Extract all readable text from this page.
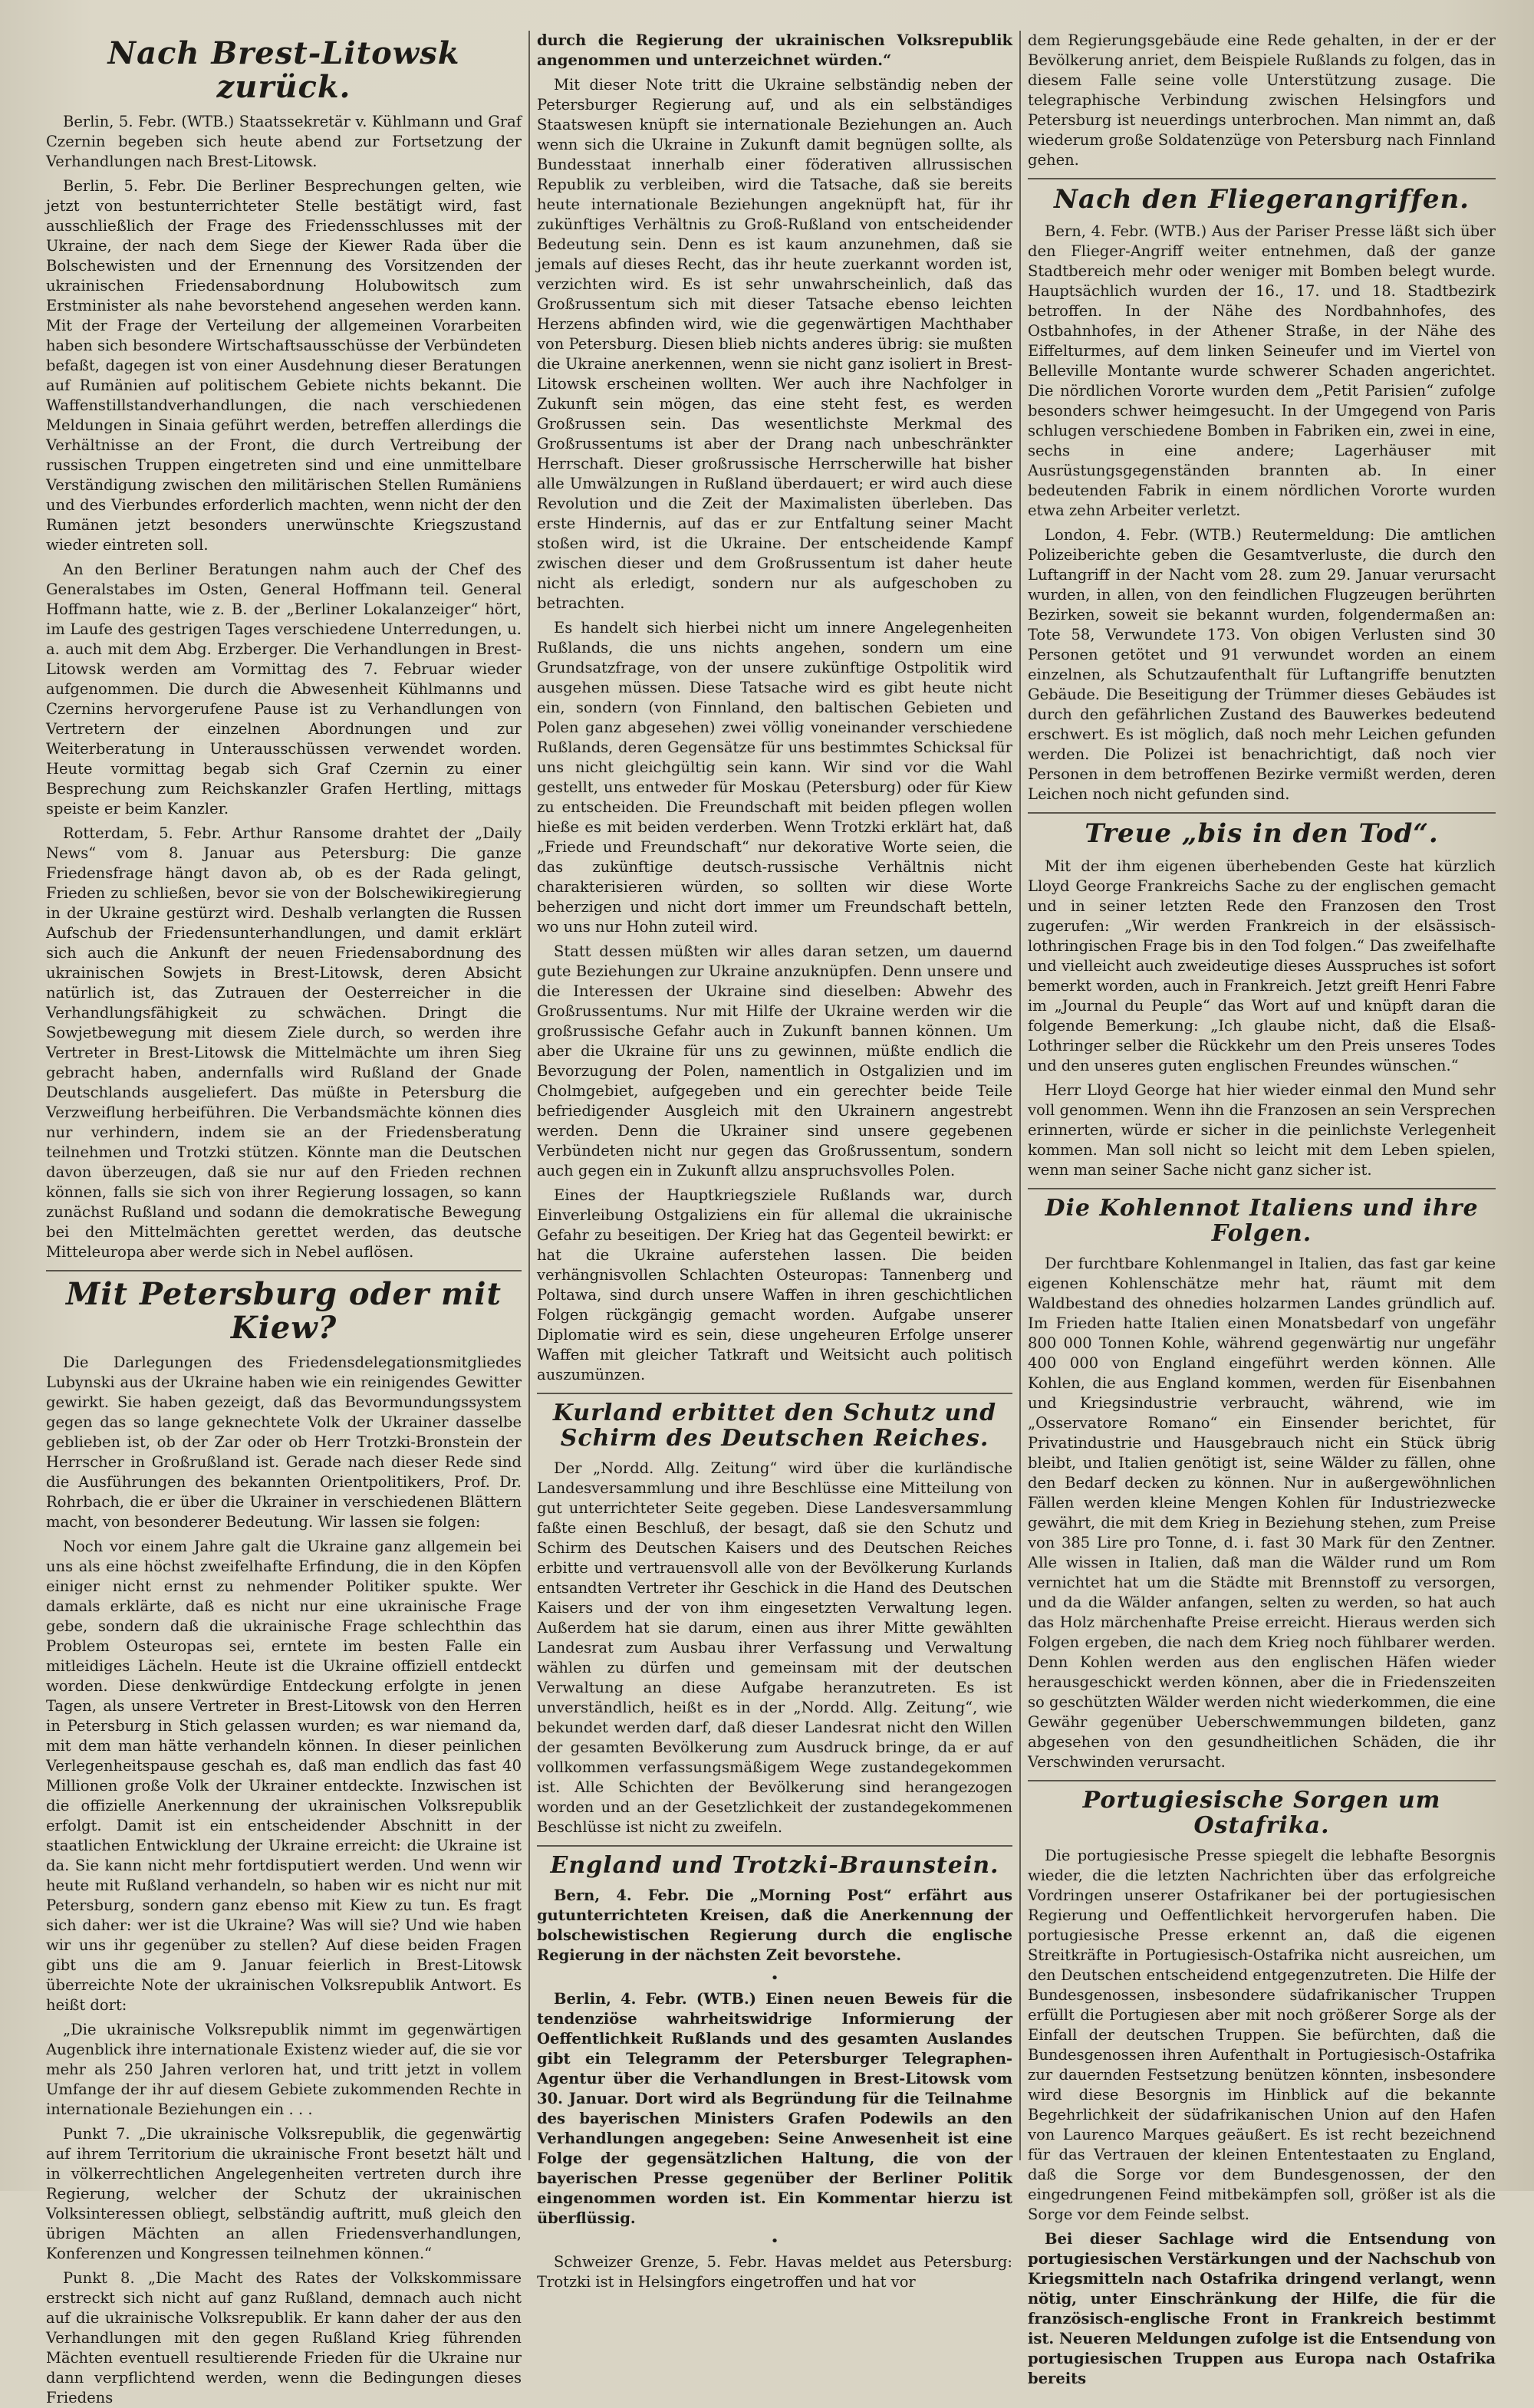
Nach Brest-Litowsk zurück.

Berlin, 5. Febr. (WTB.) Staatssekretär v. Kühlmann und Graf Czernin begeben sich heute abend zur Fortsetzung der Verhandlungen nach Brest-Litowsk.

Berlin, 5. Febr. Die Berliner Besprechungen gelten, wie jetzt von bestunterrichteter Stelle bestätigt wird, fast ausschließlich der Frage des Friedensschlusses mit der Ukraine, der nach dem Siege der Kiewer Rada über die Bolschewisten und der Ernennung des Vorsitzenden der ukrainischen Friedensabordnung Holubowitsch zum Erstminister als nahe bevorstehend angesehen werden kann. Mit der Frage der Verteilung der allgemeinen Vorarbeiten haben sich besondere Wirtschaftsausschüsse der Verbündeten befaßt, dagegen ist von einer Ausdehnung dieser Beratungen auf Rumänien auf politischem Gebiete nichts bekannt. Die Waffenstillstandverhandlungen, die nach verschiedenen Meldungen in Sinaia geführt werden, betreffen allerdings die Verhältnisse an der Front, die durch Vertreibung der russischen Truppen eingetreten sind und eine unmittelbare Verständigung zwischen den militärischen Stellen Rumäniens und des Vierbundes erforderlich machten, wenn nicht der den Rumänen jetzt besonders unerwünschte Kriegszustand wieder eintreten soll.

An den Berliner Beratungen nahm auch der Chef des Generalstabes im Osten, General Hoffmann teil. General Hoffmann hatte, wie z. B. der „Berliner Lokalanzeiger“ hört, im Laufe des gestrigen Tages verschiedene Unterredungen, u. a. auch mit dem Abg. Erzberger. Die Verhandlungen in Brest-Litowsk werden am Vormittag des 7. Februar wieder aufgenommen. Die durch die Abwesenheit Kühlmanns und Czernins hervorgerufene Pause ist zu Verhandlungen von Vertretern der einzelnen Abordnungen und zur Weiterberatung in Unterausschüssen verwendet worden. Heute vormittag begab sich Graf Czernin zu einer Besprechung zum Reichskanzler Grafen Hertling, mittags speiste er beim Kanzler.

Rotterdam, 5. Febr. Arthur Ransome drahtet der „Daily News“ vom 8. Januar aus Petersburg: Die ganze Friedensfrage hängt davon ab, ob es der Rada gelingt, Frieden zu schließen, bevor sie von der Bolschewikiregierung in der Ukraine gestürzt wird. Deshalb verlangten die Russen Aufschub der Friedensunterhandlungen, und damit erklärt sich auch die Ankunft der neuen Friedensabordnung des ukrainischen Sowjets in Brest-Litowsk, deren Absicht natürlich ist, das Zutrauen der Oesterreicher in die Verhandlungsfähigkeit zu schwächen. Dringt die Sowjetbewegung mit diesem Ziele durch, so werden ihre Vertreter in Brest-Litowsk die Mittelmächte um ihren Sieg gebracht haben, andernfalls wird Rußland der Gnade Deutschlands ausgeliefert. Das müßte in Petersburg die Verzweiflung herbeiführen. Die Verbandsmächte können dies nur verhindern, indem sie an der Friedensberatung teilnehmen und Trotzki stützen. Könnte man die Deutschen davon überzeugen, daß sie nur auf den Frieden rechnen können, falls sie sich von ihrer Regierung lossagen, so kann zunächst Rußland und sodann die demokratische Bewegung bei den Mittelmächten gerettet werden, das deutsche Mitteleuropa aber werde sich in Nebel auflösen.

Mit Petersburg oder mit Kiew?

Die Darlegungen des Friedensdelegationsmitgliedes Lubynski aus der Ukraine haben wie ein reinigendes Gewitter gewirkt. Sie haben gezeigt, daß das Bevormundungssystem gegen das so lange geknechtete Volk der Ukrainer dasselbe geblieben ist, ob der Zar oder ob Herr Trotzki-Bronstein der Herrscher in Großrußland ist. Gerade nach dieser Rede sind die Ausführungen des bekannten Orientpolitikers, Prof. Dr. Rohrbach, die er über die Ukrainer in verschiedenen Blättern macht, von besonderer Bedeutung. Wir lassen sie folgen:

Noch vor einem Jahre galt die Ukraine ganz allgemein bei uns als eine höchst zweifelhafte Erfindung, die in den Köpfen einiger nicht ernst zu nehmender Politiker spukte. Wer damals erklärte, daß es nicht nur eine ukrainische Frage gebe, sondern daß die ukrainische Frage schlechthin das Problem Osteuropas sei, erntete im besten Falle ein mitleidiges Lächeln. Heute ist die Ukraine offiziell entdeckt worden. Diese denkwürdige Entdeckung erfolgte in jenen Tagen, als unsere Vertreter in Brest-Litowsk von den Herren in Petersburg in Stich gelassen wurden; es war niemand da, mit dem man hätte verhandeln können. In dieser peinlichen Verlegenheitspause geschah es, daß man endlich das fast 40 Millionen große Volk der Ukrainer entdeckte. Inzwischen ist die offizielle Anerkennung der ukrainischen Volksrepublik erfolgt. Damit ist ein entscheidender Abschnitt in der staatlichen Entwicklung der Ukraine erreicht: die Ukraine ist da. Sie kann nicht mehr fortdisputiert werden. Und wenn wir heute mit Rußland verhandeln, so haben wir es nicht nur mit Petersburg, sondern ganz ebenso mit Kiew zu tun. Es fragt sich daher: wer ist die Ukraine? Was will sie? Und wie haben wir uns ihr gegenüber zu stellen? Auf diese beiden Fragen gibt uns die am 9. Januar feierlich in Brest-Litowsk überreichte Note der ukrainischen Volksrepublik Antwort. Es heißt dort:

„Die ukrainische Volksrepublik nimmt im gegenwärtigen Augenblick ihre internationale Existenz wieder auf, die sie vor mehr als 250 Jahren verloren hat, und tritt jetzt in vollem Umfange der ihr auf diesem Gebiete zukommenden Rechte in internationale Beziehungen ein . . .

Punkt 7. „Die ukrainische Volksrepublik, die gegenwärtig auf ihrem Territorium die ukrainische Front besetzt hält und in völkerrechtlichen Angelegenheiten vertreten durch ihre Regierung, welcher der Schutz der ukrainischen Volksinteressen obliegt, selbständig auftritt, muß gleich den übrigen Mächten an allen Friedensverhandlungen, Konferenzen und Kongressen teilnehmen können.“

Punkt 8. „Die Macht des Rates der Volkskommissare erstreckt sich nicht auf ganz Rußland, demnach auch nicht auf die ukrainische Volksrepublik. Er kann daher der aus den Verhandlungen mit den gegen Rußland Krieg führenden Mächten eventuell resultierende Frieden für die Ukraine nur dann verpflichtend werden, wenn die Bedingungen dieses Friedens

durch die Regierung der ukrainischen Volksrepublik angenommen und unterzeichnet würden.“

Mit dieser Note tritt die Ukraine selbständig neben der Petersburger Regierung auf, und als ein selbständiges Staatswesen knüpft sie internationale Beziehungen an. Auch wenn sich die Ukraine in Zukunft damit begnügen sollte, als Bundesstaat innerhalb einer föderativen allrussischen Republik zu verbleiben, wird die Tatsache, daß sie bereits heute internationale Beziehungen angeknüpft hat, für ihr zukünftiges Verhältnis zu Groß-Rußland von entscheidender Bedeutung sein. Denn es ist kaum anzunehmen, daß sie jemals auf dieses Recht, das ihr heute zuerkannt worden ist, verzichten wird. Es ist sehr unwahrscheinlich, daß das Großrussentum sich mit dieser Tatsache ebenso leichten Herzens abfinden wird, wie die gegenwärtigen Machthaber von Petersburg. Diesen blieb nichts anderes übrig: sie mußten die Ukraine anerkennen, wenn sie nicht ganz isoliert in Brest-Litowsk erscheinen wollten. Wer auch ihre Nachfolger in Zukunft sein mögen, das eine steht fest, es werden Großrussen sein. Das wesentlichste Merkmal des Großrussentums ist aber der Drang nach unbeschränkter Herrschaft. Dieser großrussische Herrscherwille hat bisher alle Umwälzungen in Rußland überdauert; er wird auch diese Revolution und die Zeit der Maximalisten überleben. Das erste Hindernis, auf das er zur Entfaltung seiner Macht stoßen wird, ist die Ukraine. Der entscheidende Kampf zwischen dieser und dem Großrussentum ist daher heute nicht als erledigt, sondern nur als aufgeschoben zu betrachten.

Es handelt sich hierbei nicht um innere Angelegenheiten Rußlands, die uns nichts angehen, sondern um eine Grundsatzfrage, von der unsere zukünftige Ostpolitik wird ausgehen müssen. Diese Tatsache wird es gibt heute nicht ein, sondern (von Finnland, den baltischen Gebieten und Polen ganz abgesehen) zwei völlig voneinander verschiedene Rußlands, deren Gegensätze für uns bestimmtes Schicksal für uns nicht gleichgültig sein kann. Wir sind vor die Wahl gestellt, uns entweder für Moskau (Petersburg) oder für Kiew zu entscheiden. Die Freundschaft mit beiden pflegen wollen hieße es mit beiden verderben. Wenn Trotzki erklärt hat, daß „Friede und Freundschaft“ nur dekorative Worte seien, die das zukünftige deutsch-russische Verhältnis nicht charakterisieren würden, so sollten wir diese Worte beherzigen und nicht dort immer um Freundschaft betteln, wo uns nur Hohn zuteil wird.

Statt dessen müßten wir alles daran setzen, um dauernd gute Beziehungen zur Ukraine anzuknüpfen. Denn unsere und die Interessen der Ukraine sind dieselben: Abwehr des Großrussentums. Nur mit Hilfe der Ukraine werden wir die großrussische Gefahr auch in Zukunft bannen können. Um aber die Ukraine für uns zu gewinnen, müßte endlich die Bevorzugung der Polen, namentlich in Ostgalizien und im Cholmgebiet, aufgegeben und ein gerechter beide Teile befriedigender Ausgleich mit den Ukrainern angestrebt werden. Denn die Ukrainer sind unsere gegebenen Verbündeten nicht nur gegen das Großrussentum, sondern auch gegen ein in Zukunft allzu anspruchsvolles Polen.

Eines der Hauptkriegsziele Rußlands war, durch Einverleibung Ostgaliziens ein für allemal die ukrainische Gefahr zu beseitigen. Der Krieg hat das Gegenteil bewirkt: er hat die Ukraine auferstehen lassen. Die beiden verhängnisvollen Schlachten Osteuropas: Tannenberg und Poltawa, sind durch unsere Waffen in ihren geschichtlichen Folgen rückgängig gemacht worden. Aufgabe unserer Diplomatie wird es sein, diese ungeheuren Erfolge unserer Waffen mit gleicher Tatkraft und Weitsicht auch politisch auszumünzen.

Kurland erbittet den Schutz und Schirm des Deutschen Reiches.

Der „Nordd. Allg. Zeitung“ wird über die kurländische Landesversammlung und ihre Beschlüsse eine Mitteilung von gut unterrichteter Seite gegeben. Diese Landesversammlung faßte einen Beschluß, der besagt, daß sie den Schutz und Schirm des Deutschen Kaisers und des Deutschen Reiches erbitte und vertrauensvoll alle von der Bevölkerung Kurlands entsandten Vertreter ihr Geschick in die Hand des Deutschen Kaisers und der von ihm eingesetzten Verwaltung legen. Außerdem hat sie darum, einen aus ihrer Mitte gewählten Landesrat zum Ausbau ihrer Verfassung und Verwaltung wählen zu dürfen und gemeinsam mit der deutschen Verwaltung an diese Aufgabe heranzutreten. Es ist unverständlich, heißt es in der „Nordd. Allg. Zeitung“, wie bekundet werden darf, daß dieser Landesrat nicht den Willen der gesamten Bevölkerung zum Ausdruck bringe, da er auf vollkommen verfassungsmäßigem Wege zustandegekommen ist. Alle Schichten der Bevölkerung sind herangezogen worden und an der Gesetzlichkeit der zustandegekommenen Beschlüsse ist nicht zu zweifeln.

England und Trotzki-Braunstein.

Bern, 4. Febr. Die „Morning Post“ erfährt aus gutunterrichteten Kreisen, daß die Anerkennung der bolschewistischen Regierung durch die englische Regierung in der nächsten Zeit bevorstehe.

•

Berlin, 4. Febr. (WTB.) Einen neuen Beweis für die tendenziöse wahrheitswidrige Informierung der Oeffentlichkeit Rußlands und des gesamten Auslandes gibt ein Telegramm der Petersburger Telegraphen-Agentur über die Verhandlungen in Brest-Litowsk vom 30. Januar. Dort wird als Begründung für die Teilnahme des bayerischen Ministers Grafen Podewils an den Verhandlungen angegeben: Seine Anwesenheit ist eine Folge der gegensätzlichen Haltung, die von der bayerischen Presse gegenüber der Berliner Politik eingenommen worden ist. Ein Kommentar hierzu ist überflüssig.

•

Schweizer Grenze, 5. Febr. Havas meldet aus Petersburg: Trotzki ist in Helsingfors eingetroffen und hat vor

dem Regierungsgebäude eine Rede gehalten, in der er der Bevölkerung anriet, dem Beispiele Rußlands zu folgen, das in diesem Falle seine volle Unterstützung zusage. Die telegraphische Verbindung zwischen Helsingfors und Petersburg ist neuerdings unterbrochen. Man nimmt an, daß wiederum große Soldatenzüge von Petersburg nach Finnland gehen.

Nach den Fliegerangriffen.

Bern, 4. Febr. (WTB.) Aus der Pariser Presse läßt sich über den Flieger-Angriff weiter entnehmen, daß der ganze Stadtbereich mehr oder weniger mit Bomben belegt wurde. Hauptsächlich wurden der 16., 17. und 18. Stadtbezirk betroffen. In der Nähe des Nordbahnhofes, des Ostbahnhofes, in der Athener Straße, in der Nähe des Eiffelturmes, auf dem linken Seineufer und im Viertel von Belleville Montante wurde schwerer Schaden angerichtet. Die nördlichen Vororte wurden dem „Petit Parisien“ zufolge besonders schwer heimgesucht. In der Umgegend von Paris schlugen verschiedene Bomben in Fabriken ein, zwei in eine, sechs in eine andere; Lagerhäuser mit Ausrüstungsgegenständen brannten ab. In einer bedeutenden Fabrik in einem nördlichen Vororte wurden etwa zehn Arbeiter verletzt.

London, 4. Febr. (WTB.) Reutermeldung: Die amtlichen Polizeiberichte geben die Gesamtverluste, die durch den Luftangriff in der Nacht vom 28. zum 29. Januar verursacht wurden, in allen, von den feindlichen Flugzeugen berührten Bezirken, soweit sie bekannt wurden, folgendermaßen an: Tote 58, Verwundete 173. Von obigen Verlusten sind 30 Personen getötet und 91 verwundet worden an einem einzelnen, als Schutzaufenthalt für Luftangriffe benutzten Gebäude. Die Beseitigung der Trümmer dieses Gebäudes ist durch den gefährlichen Zustand des Bauwerkes bedeutend erschwert. Es ist möglich, daß noch mehr Leichen gefunden werden. Die Polizei ist benachrichtigt, daß noch vier Personen in dem betroffenen Bezirke vermißt werden, deren Leichen noch nicht gefunden sind.

Treue „bis in den Tod“.

Mit der ihm eigenen überhebenden Geste hat kürzlich Lloyd George Frankreichs Sache zu der englischen gemacht und in seiner letzten Rede den Franzosen den Trost zugerufen: „Wir werden Frankreich in der elsässisch-lothringischen Frage bis in den Tod folgen.“ Das zweifelhafte und vielleicht auch zweideutige dieses Ausspruches ist sofort bemerkt worden, auch in Frankreich. Jetzt greift Henri Fabre im „Journal du Peuple“ das Wort auf und knüpft daran die folgende Bemerkung: „Ich glaube nicht, daß die Elsaß-Lothringer selber die Rückkehr um den Preis unseres Todes und den unseres guten englischen Freundes wünschen.“

Herr Lloyd George hat hier wieder einmal den Mund sehr voll genommen. Wenn ihn die Franzosen an sein Versprechen erinnerten, würde er sicher in die peinlichste Verlegenheit kommen. Man soll nicht so leicht mit dem Leben spielen, wenn man seiner Sache nicht ganz sicher ist.

Die Kohlennot Italiens und ihre Folgen.

Der furchtbare Kohlenmangel in Italien, das fast gar keine eigenen Kohlenschätze mehr hat, räumt mit dem Waldbestand des ohnedies holzarmen Landes gründlich auf. Im Frieden hatte Italien einen Monatsbedarf von ungefähr 800 000 Tonnen Kohle, während gegenwärtig nur ungefähr 400 000 von England eingeführt werden können. Alle Kohlen, die aus England kommen, werden für Eisenbahnen und Kriegsindustrie verbraucht, während, wie im „Osservatore Romano“ ein Einsender berichtet, für Privatindustrie und Hausgebrauch nicht ein Stück übrig bleibt, und Italien genötigt ist, seine Wälder zu fällen, ohne den Bedarf decken zu können. Nur in außergewöhnlichen Fällen werden kleine Mengen Kohlen für Industriezwecke gewährt, die mit dem Krieg in Beziehung stehen, zum Preise von 385 Lire pro Tonne, d. i. fast 30 Mark für den Zentner. Alle wissen in Italien, daß man die Wälder rund um Rom vernichtet hat um die Städte mit Brennstoff zu versorgen, und da die Wälder anfangen, selten zu werden, so hat auch das Holz märchenhafte Preise erreicht. Hieraus werden sich Folgen ergeben, die nach dem Krieg noch fühlbarer werden. Denn Kohlen werden aus den englischen Häfen wieder herausgeschickt werden können, aber die in Friedenszeiten so geschützten Wälder werden nicht wiederkommen, die eine Gewähr gegenüber Ueberschwemmungen bildeten, ganz abgesehen von den gesundheitlichen Schäden, die ihr Verschwinden verursacht.

Portugiesische Sorgen um Ostafrika.

Die portugiesische Presse spiegelt die lebhafte Besorgnis wieder, die die letzten Nachrichten über das erfolgreiche Vordringen unserer Ostafrikaner bei der portugiesischen Regierung und Oeffentlichkeit hervorgerufen haben. Die portugiesische Presse erkennt an, daß die eigenen Streitkräfte in Portugiesisch-Ostafrika nicht ausreichen, um den Deutschen entscheidend entgegenzutreten. Die Hilfe der Bundesgenossen, insbesondere südafrikanischer Truppen erfüllt die Portugiesen aber mit noch größerer Sorge als der Einfall der deutschen Truppen. Sie befürchten, daß die Bundesgenossen ihren Aufenthalt in Portugiesisch-Ostafrika zur dauernden Festsetzung benützen könnten, insbesondere wird diese Besorgnis im Hinblick auf die bekannte Begehrlichkeit der südafrikanischen Union auf den Hafen von Laurenco Marques geäußert. Es ist recht bezeichnend für das Vertrauen der kleinen Ententestaaten zu England, daß die Sorge vor dem Bundesgenossen, der den eingedrungenen Feind mitbekämpfen soll, größer ist als die Sorge vor dem Feinde selbst.

Bei dieser Sachlage wird die Entsendung von portugiesischen Verstärkungen und der Nachschub von Kriegsmitteln nach Ostafrika dringend verlangt, wenn nötig, unter Einschränkung der Hilfe, die für die französisch-englische Front in Frankreich bestimmt ist. Neueren Meldungen zufolge ist die Entsendung von portugiesischen Truppen aus Europa nach Ostafrika bereits
